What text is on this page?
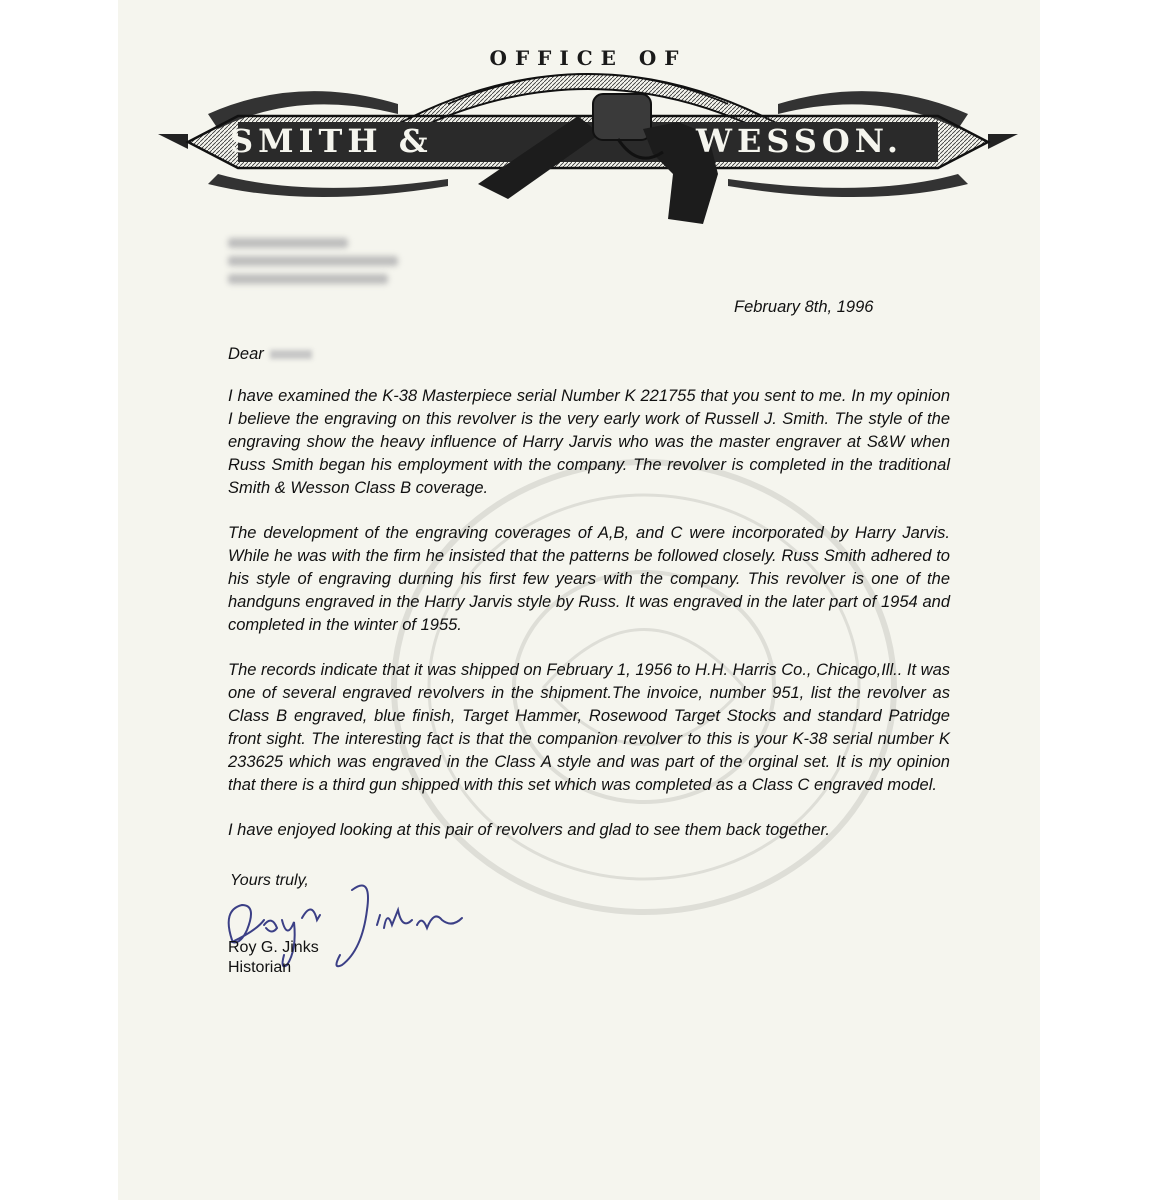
OFFICE OF
SMITH &	WESSON.
February 8th, 1996
Dear

I have examined the K-38 Masterpiece serial Number K 221755 that you sent to me. In my opinion I believe the engraving on this revolver is the very early work of Russell J. Smith. The style of the engraving show the heavy influence of Harry Jarvis who was the master engraver at S&W when Russ Smith began his employment with the company. The revolver is completed in the traditional Smith & Wesson Class B coverage.

The development of the engraving coverages of A,B, and C were incorporated by Harry Jarvis. While he was with the firm he insisted that the patterns be followed closely. Russ Smith adhered to his style of engraving durning his first few years with the company. This revolver is one of the handguns engraved in the Harry Jarvis style by Russ. It was engraved in the later part of 1954 and completed in the winter of 1955.

The records indicate that it was shipped on February 1, 1956 to H.H. Harris Co., Chicago,Ill.. It was one of several engraved revolvers in the shipment.The invoice, number 951, list the revolver as Class B engraved, blue finish, Target Hammer, Rosewood Target Stocks and standard Patridge front sight. The interesting fact is that the companion revolver to this is your K-38 serial number K 233625 which was engraved in the Class A style and was part of the orginal set. It is my opinion that there is a third gun shipped with this set which was completed as a Class C engraved model.

I have enjoyed looking at this pair of revolvers and glad to see them back together.

Yours truly,
Roy G. Jinks
Historian
